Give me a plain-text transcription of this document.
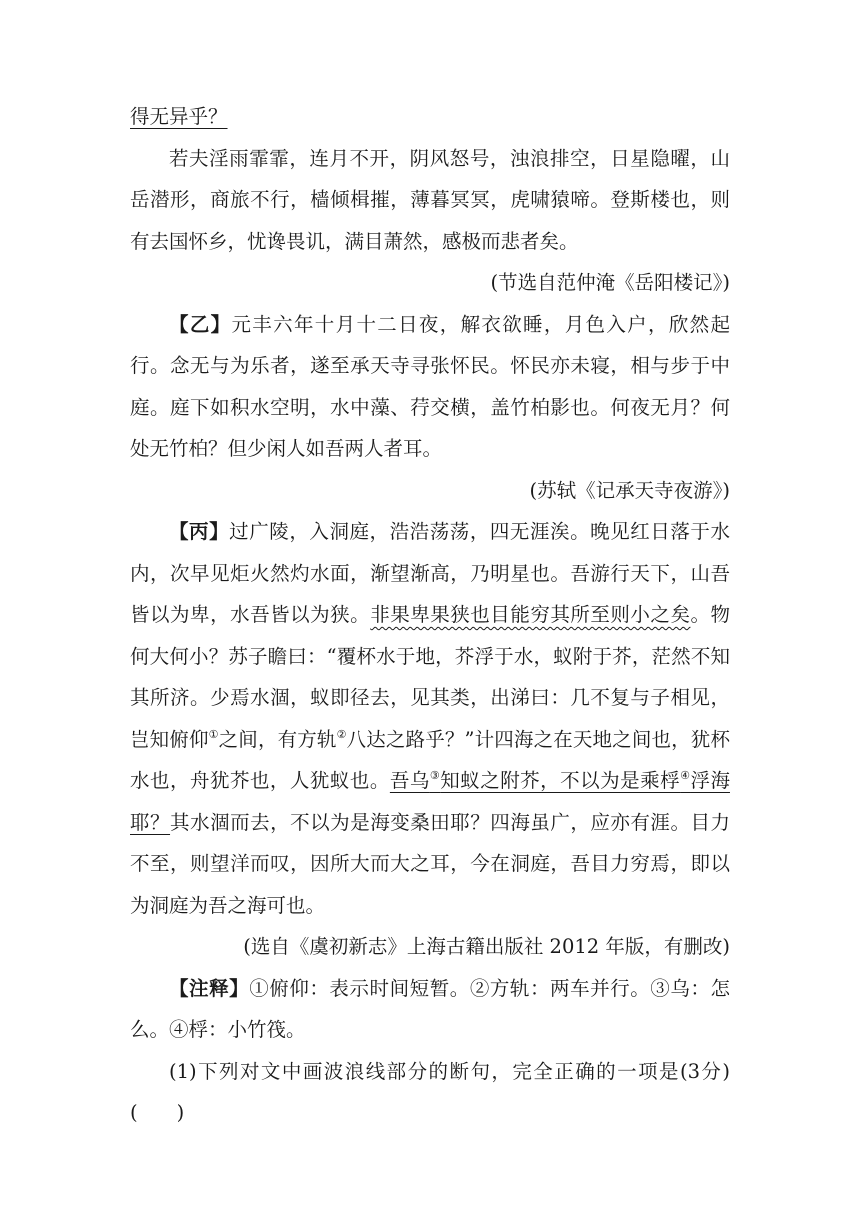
得无异乎？

若夫淫雨霏霏，连月不开，阴风怒号，浊浪排空，日星隐曜，山岳潜形，商旅不行，樯倾楫摧，薄暮冥冥，虎啸猿啼。登斯楼也，则有去国怀乡，忧谗畏讥，满目萧然，感极而悲者矣。

(节选自范仲淹《岳阳楼记》)

【乙】元丰六年十月十二日夜，解衣欲睡，月色入户，欣然起行。念无与为乐者，遂至承天寺寻张怀民。怀民亦未寝，相与步于中庭。庭下如积水空明，水中藻、荇交横，盖竹柏影也。何夜无月？何处无竹柏？但少闲人如吾两人者耳。

(苏轼《记承天寺夜游》)

【丙】过广陵，入洞庭，浩浩荡荡，四无涯涘。晚见红日落于水内，次早见炬火然灼水面，渐望渐高，乃明星也。吾游行天下，山吾皆以为卑，水吾皆以为狭。非果卑果狭也目能穷其所至则小之矣。物何大何小？苏子瞻曰：“覆杯水于地，芥浮于水，蚁附于芥，茫然不知其所济。少焉水涸，蚁即径去，见其类，出涕曰：几不复与子相见，岂知俯仰①之间，有方轨②八达之路乎？”计四海之在天地之间也，犹杯水也，舟犹芥也，人犹蚁也。吾乌③知蚁之附芥，不以为是乘桴④浮海耶？其水涸而去，不以为是海变桑田耶？四海虽广，应亦有涯。目力不至，则望洋而叹，因所大而大之耳，今在洞庭，吾目力穷焉，即以为洞庭为吾之海可也。

(选自《虞初新志》上海古籍出版社 2012 年版，有删改)

【注释】①俯仰：表示时间短暂。②方轨：两车并行。③乌：怎么。④桴：小竹筏。

(1)下列对文中画波浪线部分的断句，完全正确的一项是(3分)(　　)
